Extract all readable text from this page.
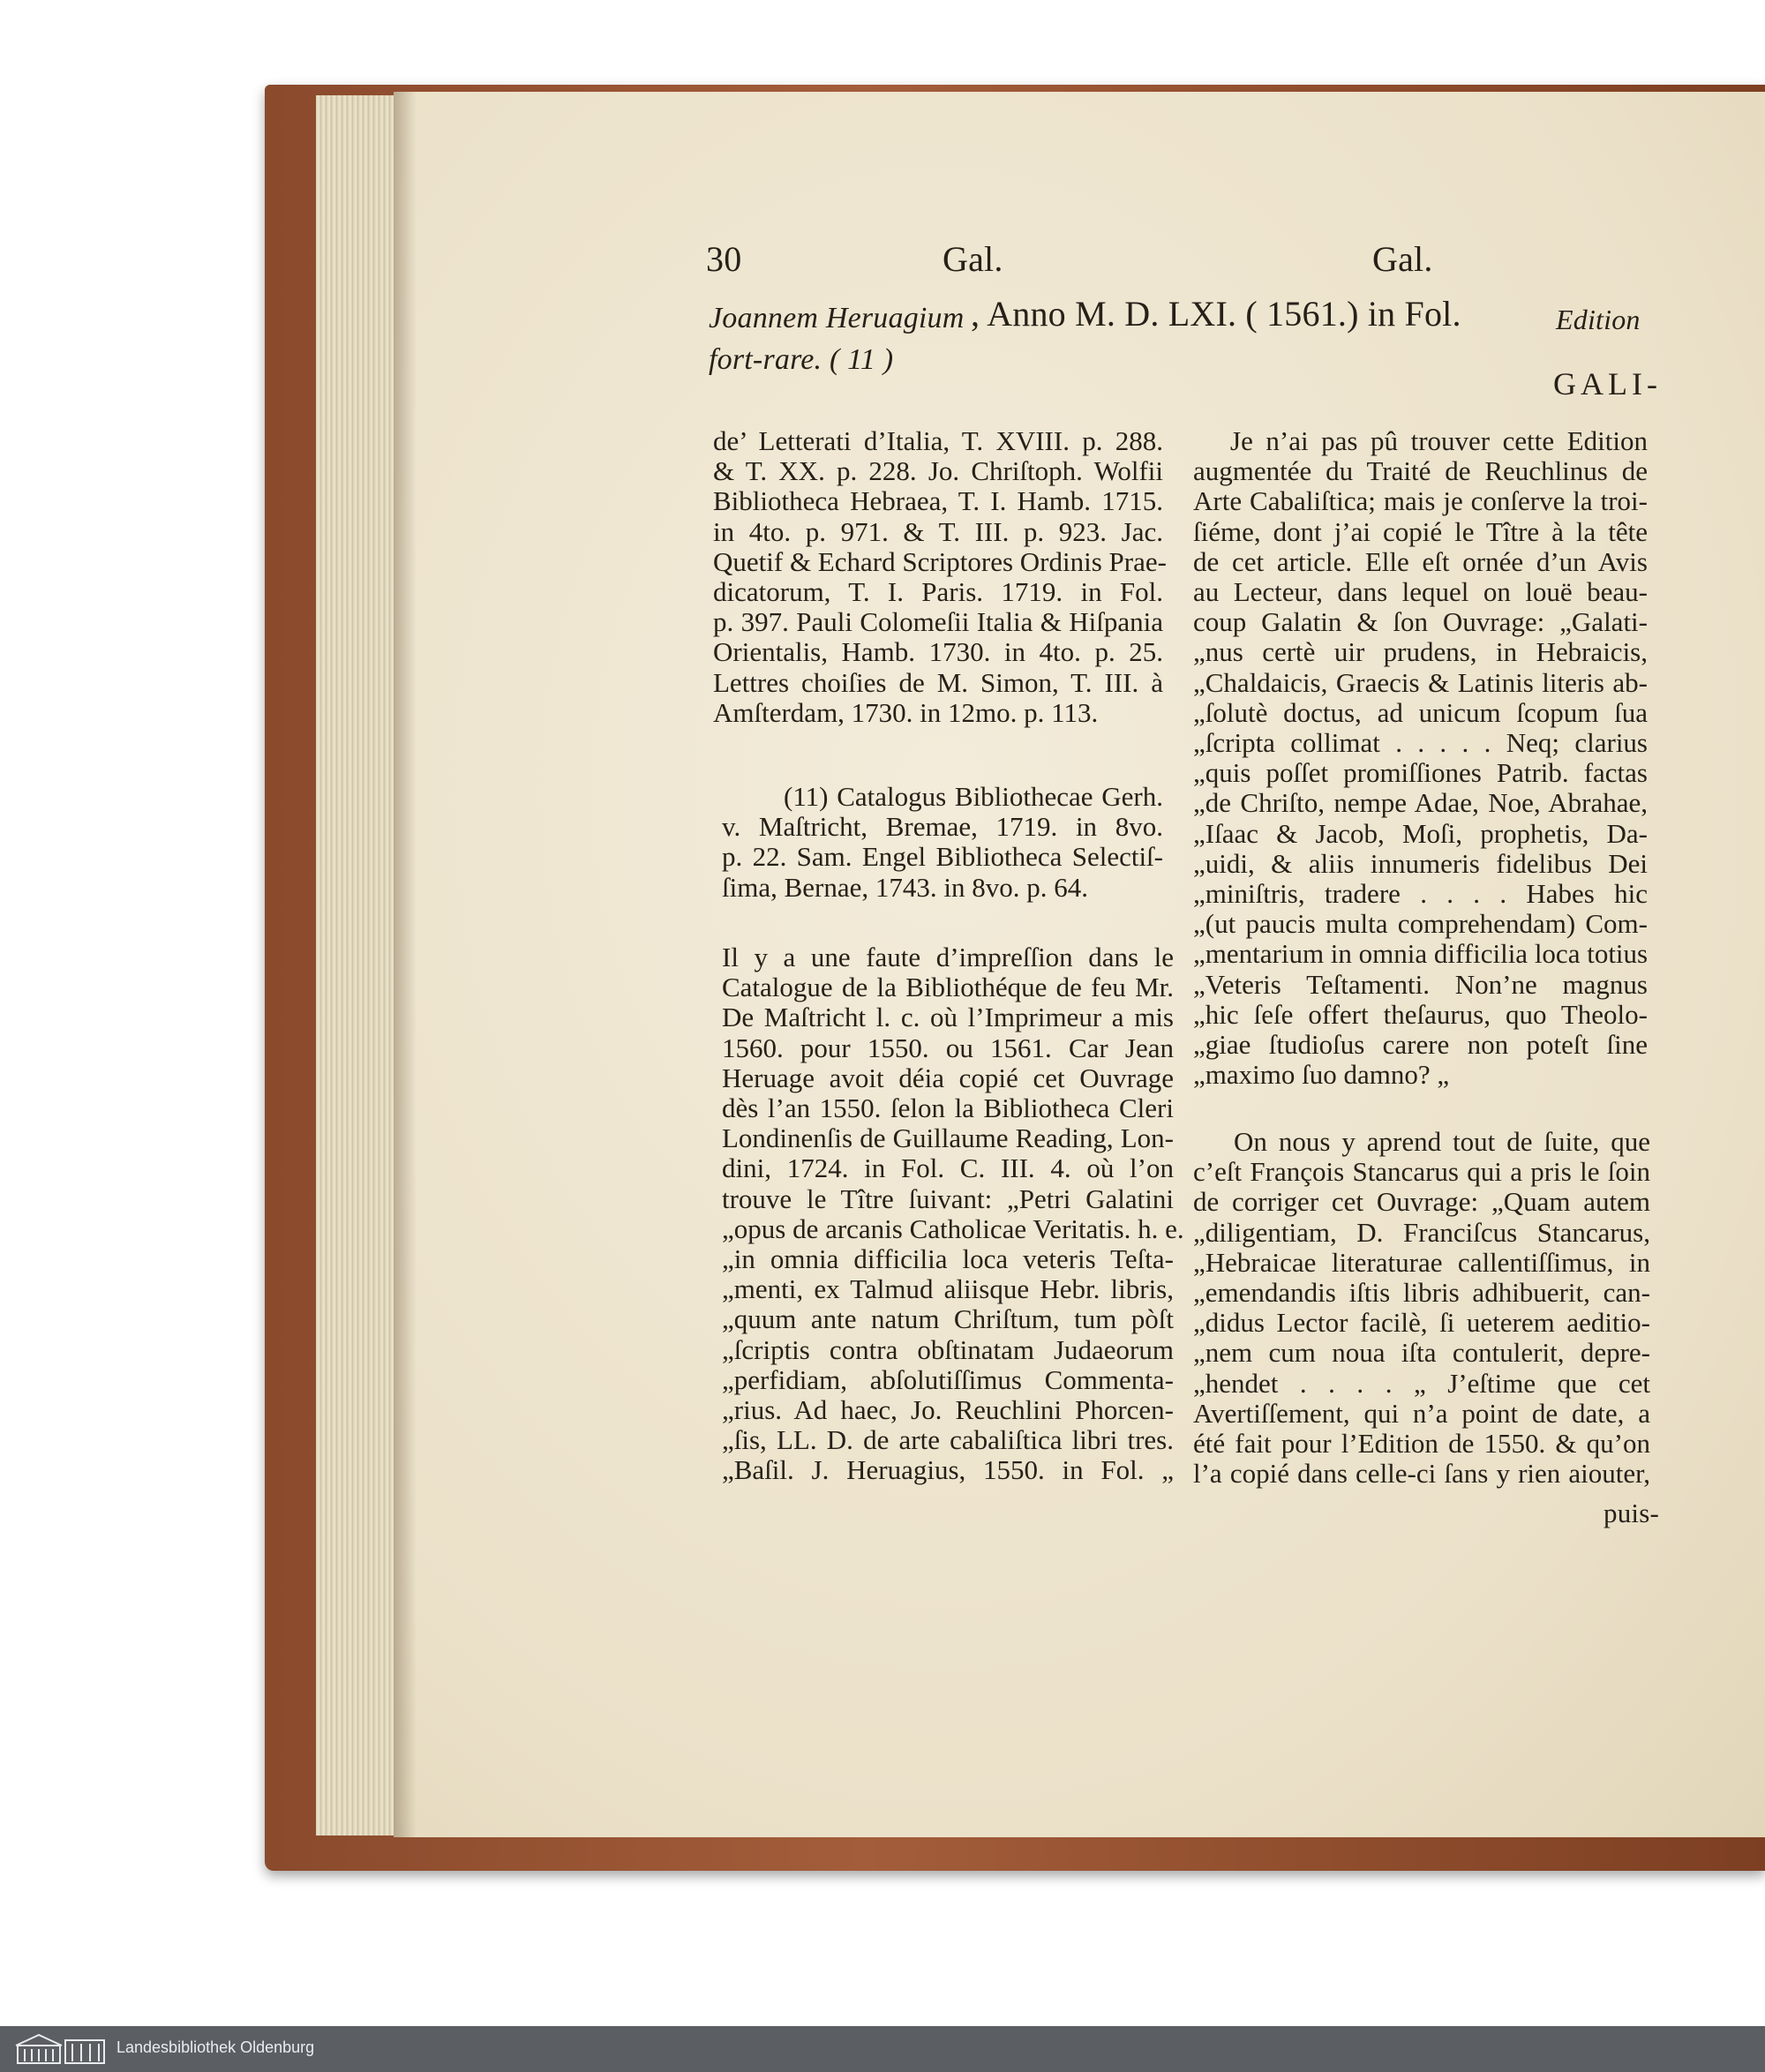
30	Gal.	Gal.
Joannem Heruagium , Anno M. D. LXI. ( 1561.) in Fol.	Edition
fort-rare. ( 11 )
GALI-
de’ Letterati d’Italia, T. XVIII. p. 288.
& T. XX. p. 228. Jo. Chriſtoph. Wolfii
Bibliotheca Hebraea, T. I. Hamb. 1715.
in 4to. p. 971. & T. III. p. 923. Jac.
Quetif & Echard Scriptores Ordinis Prae-
dicatorum, T. I. Paris. 1719. in Fol.
p. 397. Pauli Colomeſii Italia & Hiſpania
Orientalis, Hamb. 1730. in 4to. p. 25.
Lettres choiſies de M. Simon, T. III. à
Amſterdam, 1730. in 12mo. p. 113.
(11) Catalogus Bibliothecae Gerh.
v. Maſtricht, Bremae, 1719. in 8vo.
p. 22. Sam. Engel Bibliotheca Selectiſ-
ſima, Bernae, 1743. in 8vo. p. 64.
Il y a une faute d’impreſſion dans le
Catalogue de la Bibliothéque de feu Mr.
De Maſtricht l. c. où l’Imprimeur a mis
1560. pour 1550. ou 1561. Car Jean
Heruage avoit déia copié cet Ouvrage
dès l’an 1550. ſelon la Bibliotheca Cleri
Londinenſis de Guillaume Reading, Lon-
dini, 1724. in Fol. C. III. 4. où l’on
trouve le Tître ſuivant: „Petri Galatini
„opus de arcanis Catholicae Veritatis. h. e.
„in omnia difficilia loca veteris Teſta-
„menti, ex Talmud aliisque Hebr. libris,
„quum ante natum Chriſtum, tum pòſt
„ſcriptis contra obſtinatam Judaeorum
„perfidiam, abſolutiſſimus Commenta-
„rius. Ad haec, Jo. Reuchlini Phorcen-
„ſis, LL. D. de arte cabaliſtica libri tres.
„Baſil. J. Heruagius, 1550. in Fol. „
Je n’ai pas pû trouver cette Edition
augmentée du Traité de Reuchlinus de
Arte Cabaliſtica; mais je conſerve la troi-
ſiéme, dont j’ai copié le Tître à la tête
de cet article. Elle eſt ornée d’un Avis
au Lecteur, dans lequel on louë beau-
coup Galatin & ſon Ouvrage: „Galati-
„nus certè uir prudens, in Hebraicis,
„Chaldaicis, Graecis & Latinis literis ab-
„ſolutè doctus, ad unicum ſcopum ſua
„ſcripta collimat . . . . . Neq; clarius
„quis poſſet promiſſiones Patrib. factas
„de Chriſto, nempe Adae, Noe, Abrahae,
„Iſaac & Jacob, Moſi, prophetis, Da-
„uidi, & aliis innumeris fidelibus Dei
„miniſtris, tradere . . . . Habes hic
„(ut paucis multa comprehendam) Com-
„mentarium in omnia difficilia loca totius
„Veteris Teſtamenti. Non’ne magnus
„hic ſeſe offert theſaurus, quo Theolo-
„giae ſtudioſus carere non poteſt ſine
„maximo ſuo damno? „
On nous y aprend tout de ſuite, que
c’eſt François Stancarus qui a pris le ſoin
de corriger cet Ouvrage: „Quam autem
„diligentiam, D. Franciſcus Stancarus,
„Hebraicae literaturae callentiſſimus, in
„emendandis iſtis libris adhibuerit, can-
„didus Lector facilè, ſi ueterem aeditio-
„nem cum noua iſta contulerit, depre-
„hendet . . . . „ J’eſtime que cet
Avertiſſement, qui n’a point de date, a
été fait pour l’Edition de 1550. & qu’on
l’a copié dans celle-ci ſans y rien aiouter,
puis-
Landesbibliothek Oldenburg
